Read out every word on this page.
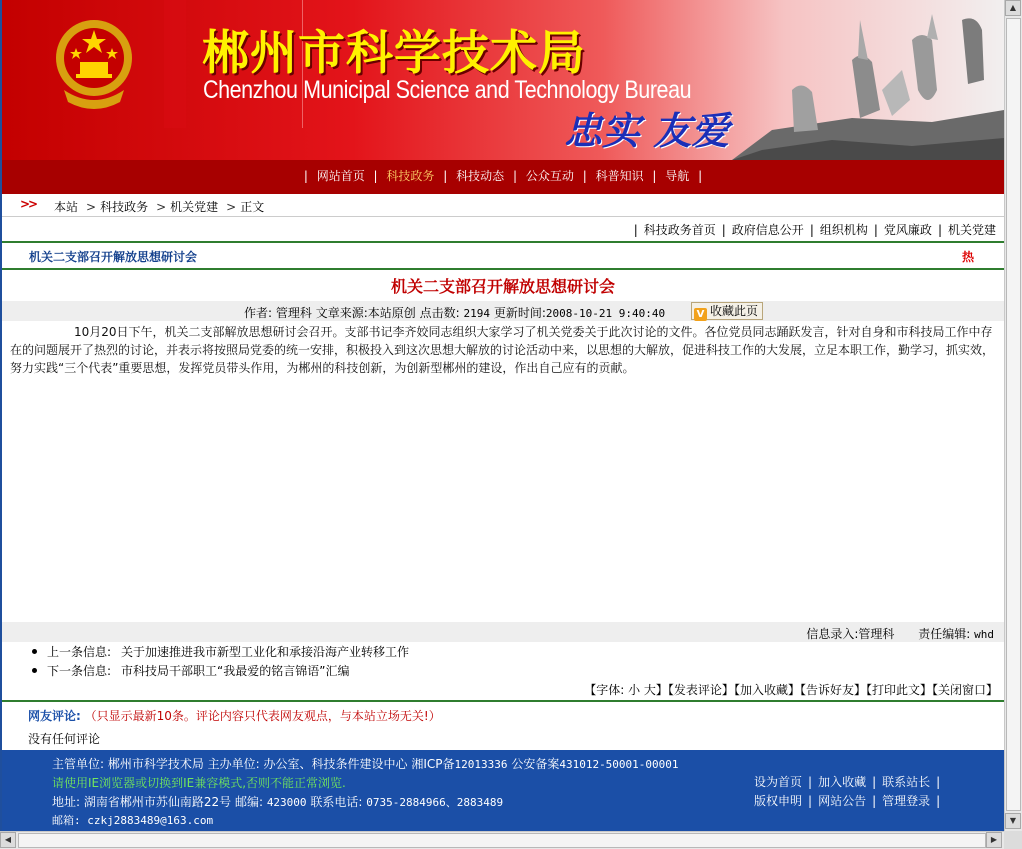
郴州市科学技术局
Chenzhou Municipal Science and Technology Bureau
忠实 友爱
| 网站首页 | 科技政务 | 科技动态 | 公众互动 | 科普知识 | 导航 |
>> 本站 > 科技政务 > 机关党建 > 正文
| 科技政务首页 | 政府信息公开 | 组织机构 | 党风廉政 | 机关党建
机关二支部召开解放思想研讨会	热
机关二支部召开解放思想研讨会
作者: 管理科 文章来源:本站原创 点击数: 2194 更新时间:2008-10-21 9:40:40	V 收藏此页
10月20日下午，机关二支部解放思想研讨会召开。支部书记李齐姣同志组织大家学习了机关党委关于此次讨论的文件。各位党员同志踊跃发言，针对自身和市科技局工作中存在的问题展开了热烈的讨论，并表示将按照局党委的统一安排，积极投入到这次思想大解放的讨论活动中来，以思想的大解放，促进科技工作的大发展，立足本职工作，勤学习，抓实效，努力实践“三个代表”重要思想，发挥党员带头作用，为郴州的科技创新，为创新型郴州的建设，作出自己应有的贡献。
信息录入:管理科 责任编辑: whd
上一条信息: 关于加速推进我市新型工业化和承接沿海产业转移工作
下一条信息: 市科技局干部职工“我最爱的铭言锦语”汇编
【字体: 小 大】【发表评论】【加入收藏】【告诉好友】【打印此文】【关闭窗口】
网友评论: （只显示最新10条。评论内容只代表网友观点，与本站立场无关!）
没有任何评论
主管单位: 郴州市科学技术局 主办单位: 办公室、科技条件建设中心 湘ICP备12013336 公安备案431012-50001-00001
请使用IE浏览器或切换到IE兼容模式,否则不能正常浏览.
地址: 湖南省郴州市苏仙南路22号 邮编: 423000 联系电话: 0735-2884966、2883489
邮箱: czkj2883489@163.com
设为首页 | 加入收藏 | 联系站长 |
版权申明 | 网站公告 | 管理登录 |
▲
▼
◀	▶
